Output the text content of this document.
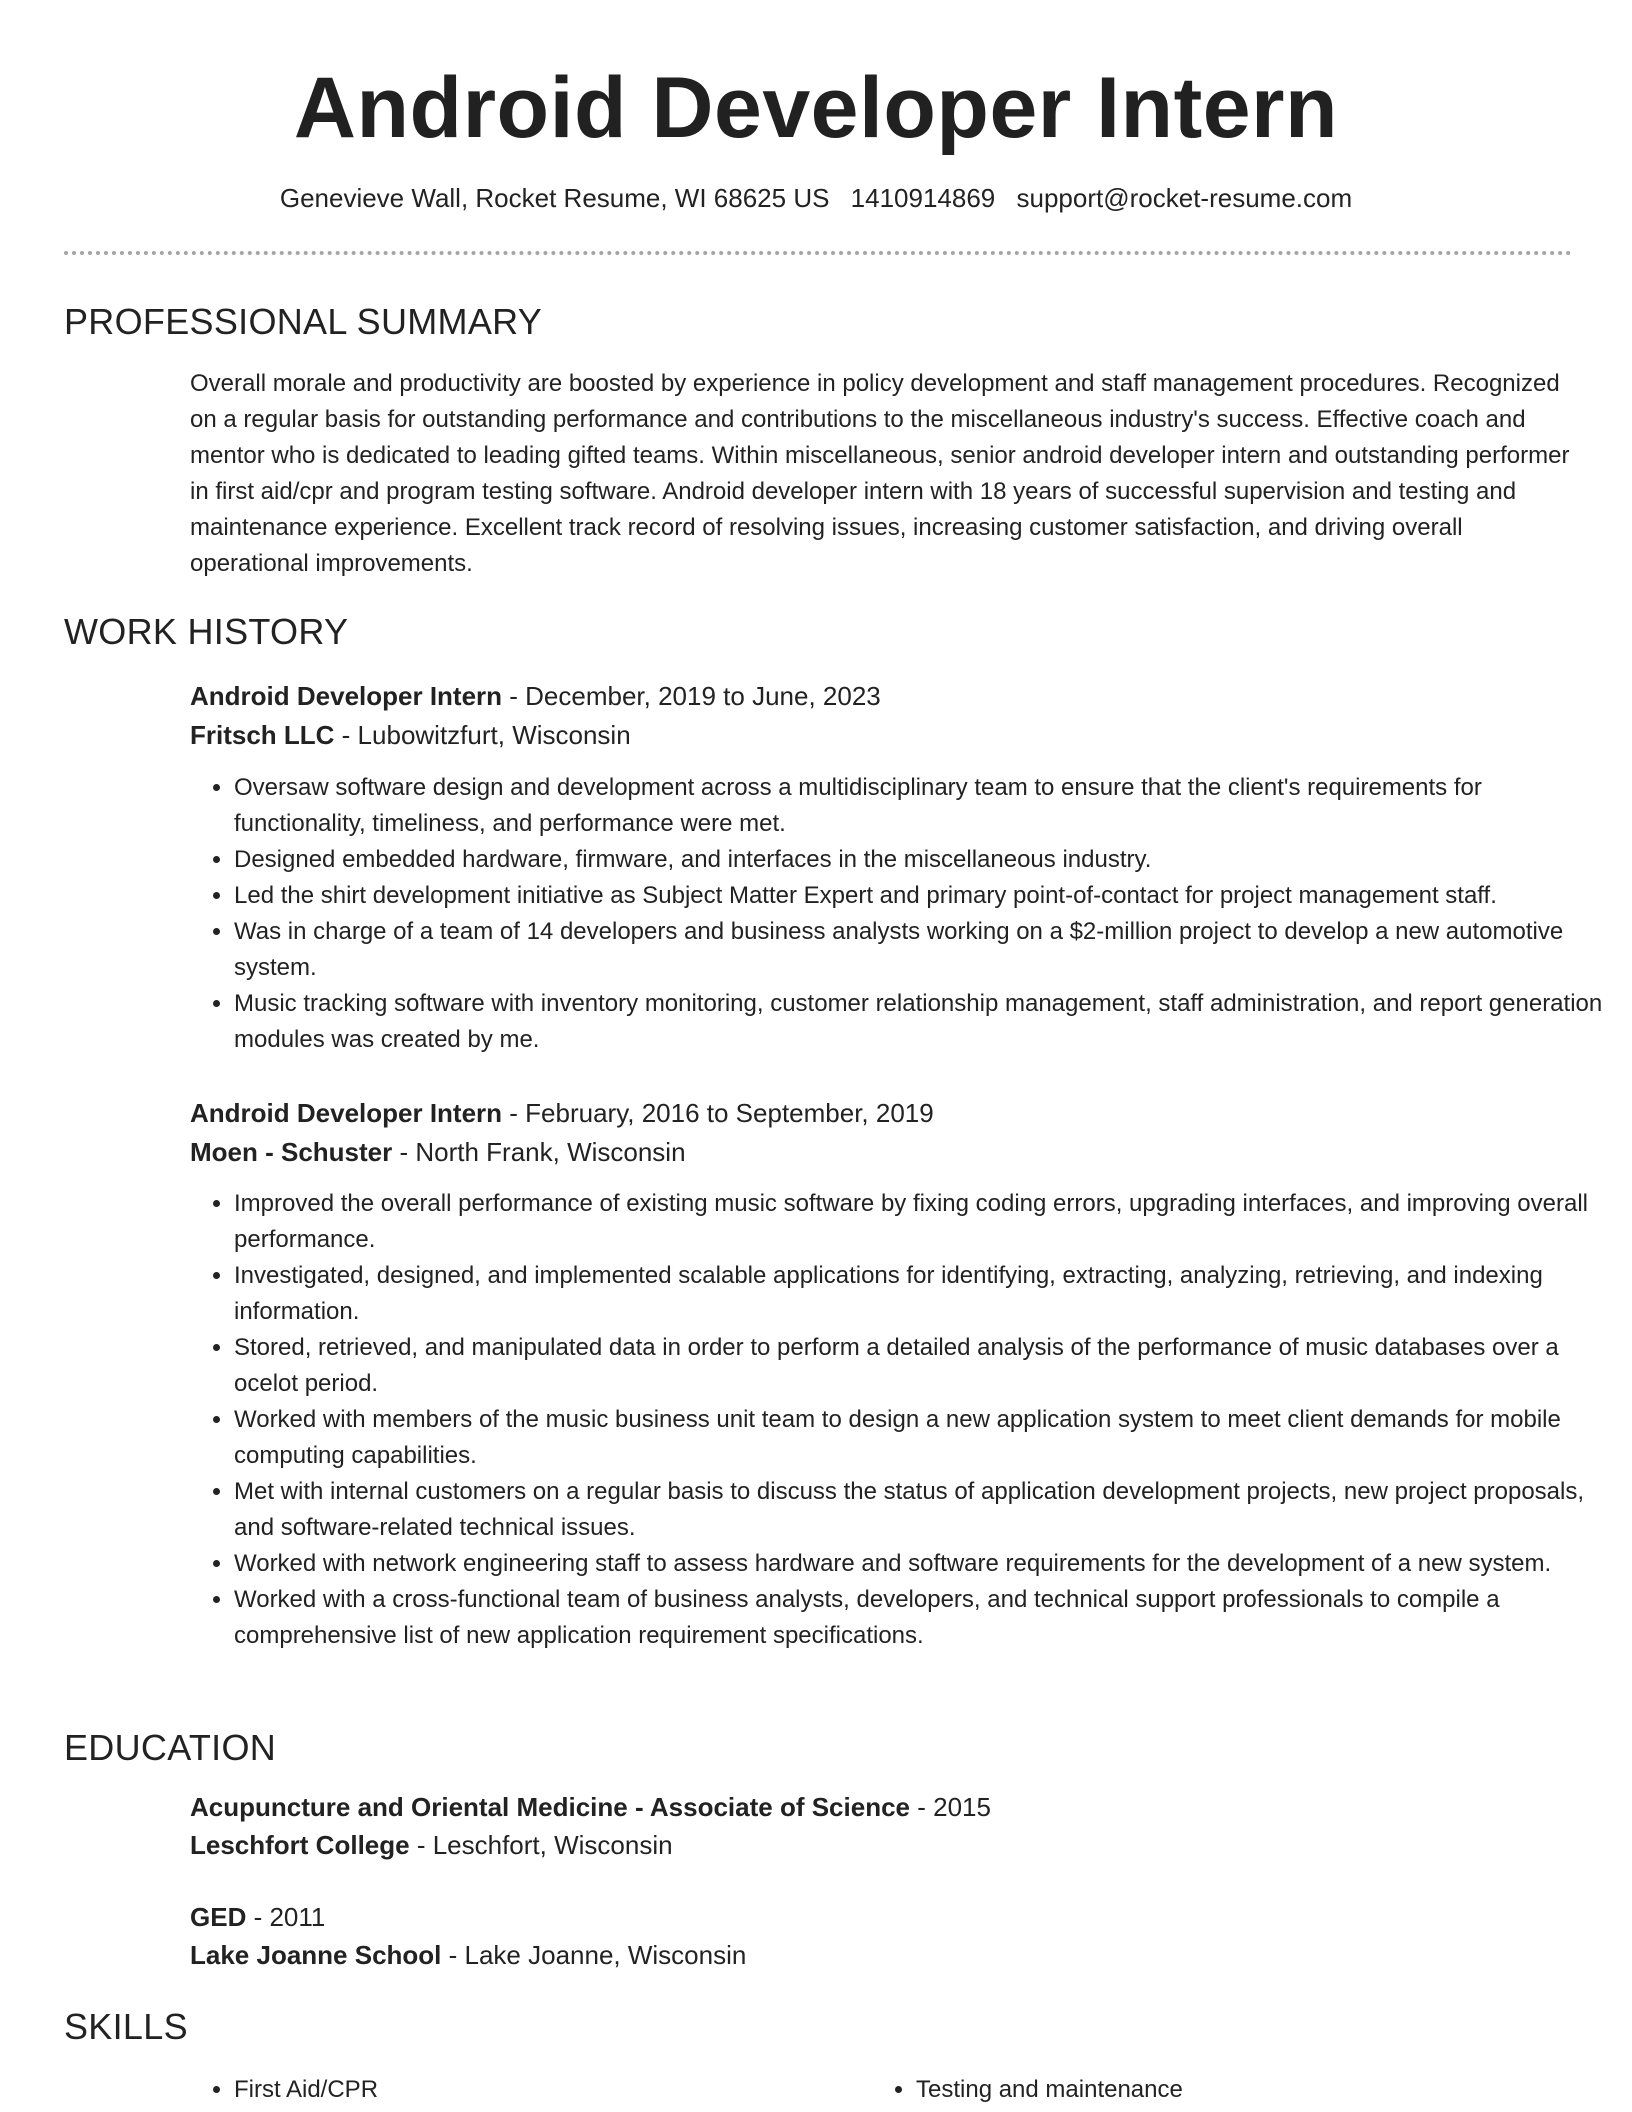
Android Developer Intern
Genevieve Wall, Rocket Resume, WI 68625 US 1410914869 support@rocket-resume.com
PROFESSIONAL SUMMARY

Overall morale and productivity are boosted by experience in policy development and staff management procedures. Recognized on a regular basis for outstanding performance and contributions to the miscellaneous industry's success. Effective coach and mentor who is dedicated to leading gifted teams. Within miscellaneous, senior android developer intern and outstanding performer in first aid/cpr and program testing software. Android developer intern with 18 years of successful supervision and testing and maintenance experience. Excellent track record of resolving issues, increasing customer satisfaction, and driving overall operational improvements.

WORK HISTORY
Android Developer Intern - December, 2019 to June, 2023
Fritsch LLC - Lubowitzfurt, Wisconsin
• Oversaw software design and development across a multidisciplinary team to ensure that the client's requirements for functionality, timeliness, and performance were met.
• Designed embedded hardware, firmware, and interfaces in the miscellaneous industry.
• Led the shirt development initiative as Subject Matter Expert and primary point-of-contact for project management staff.
• Was in charge of a team of 14 developers and business analysts working on a $2-million project to develop a new automotive system.
• Music tracking software with inventory monitoring, customer relationship management, staff administration, and report generation modules was created by me.
Android Developer Intern - February, 2016 to September, 2019
Moen - Schuster - North Frank, Wisconsin
• Improved the overall performance of existing music software by fixing coding errors, upgrading interfaces, and improving overall performance.
• Investigated, designed, and implemented scalable applications for identifying, extracting, analyzing, retrieving, and indexing information.
• Stored, retrieved, and manipulated data in order to perform a detailed analysis of the performance of music databases over a ocelot period.
• Worked with members of the music business unit team to design a new application system to meet client demands for mobile computing capabilities.
• Met with internal customers on a regular basis to discuss the status of application development projects, new project proposals, and software-related technical issues.
• Worked with network engineering staff to assess hardware and software requirements for the development of a new system.
• Worked with a cross-functional team of business analysts, developers, and technical support professionals to compile a comprehensive list of new application requirement specifications.
EDUCATION
Acupuncture and Oriental Medicine - Associate of Science - 2015
Leschfort College - Leschfort, Wisconsin
GED - 2011
Lake Joanne School - Lake Joanne, Wisconsin
SKILLS
• First Aid/CPR
•	Testing and maintenance
